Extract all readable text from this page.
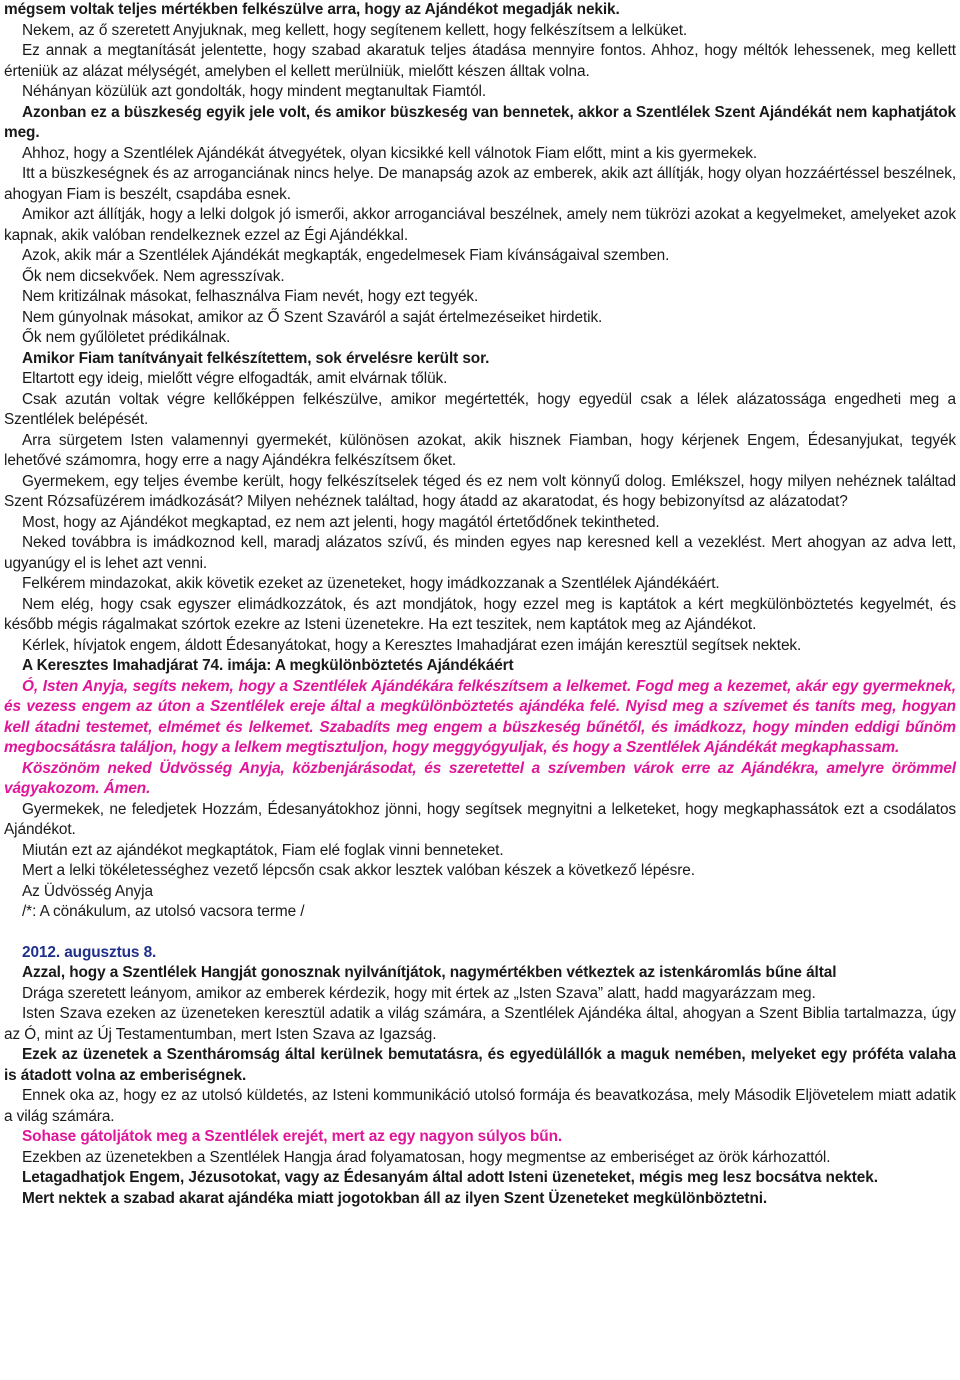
mégsem voltak teljes mértékben felkészülve arra, hogy az Ajándékot megadják nekik.

Nekem, az ő szeretett Anyjuknak, meg kellett, hogy segítenem kellett, hogy felkészítsem a lelküket.

Ez annak a megtanítását jelentette, hogy szabad akaratuk teljes átadása mennyire fontos. Ahhoz, hogy méltók lehessenek, meg kellett érteniük az alázat mélységét, amelyben el kellett merülniük, mielőtt készen álltak volna.

Néhányan közülük azt gondolták, hogy mindent megtanultak Fiamtól.

Azonban ez a büszkeség egyik jele volt, és amikor büszkeség van bennetek, akkor a Szentlélek Szent Ajándékát nem kaphatjátok meg.

Ahhoz, hogy a Szentlélek Ajándékát átvegyétek, olyan kicsikké kell válnotok Fiam előtt, mint a kis gyermekek.

Itt a büszkeségnek és az arroganciának nincs helye. De manapság azok az emberek, akik azt állítják, hogy olyan hozzáértéssel beszélnek, ahogyan Fiam is beszélt, csapdába esnek.

Amikor azt állítják, hogy a lelki dolgok jó ismerői, akkor arroganciával beszélnek, amely nem tükrözi azokat a kegyelmeket, amelyeket azok kapnak, akik valóban rendelkeznek ezzel az Égi Ajándékkal.

Azok, akik már a Szentlélek Ajándékát megkapták, engedelmesek Fiam kívánságaival szemben.

Ők nem dicsekvőek. Nem agresszívak.

Nem kritizálnak másokat, felhasználva Fiam nevét, hogy ezt tegyék.

Nem gúnyolnak másokat, amikor az Ő Szent Szaváról a saját értelmezéseiket hirdetik.

Ők nem gyűlöletet prédikálnak.

Amikor Fiam tanítványait felkészítettem, sok érvelésre került sor.

Eltartott egy ideig, mielőtt végre elfogadták, amit elvárnak tőlük.

Csak azután voltak végre kellőképpen felkészülve, amikor megértették, hogy egyedül csak a lélek alázatossága engedheti meg a Szentlélek belépését.

Arra sürgetem Isten valamennyi gyermekét, különösen azokat, akik hisznek Fiamban, hogy kérjenek Engem, Édesanyjukat, tegyék lehetővé számomra, hogy erre a nagy Ajándékra felkészítsem őket.

Gyermekem, egy teljes évembe került, hogy felkészítselek téged és ez nem volt könnyű dolog. Emlékszel, hogy milyen nehéznek találtad Szent Rózsafüzérem imádkozását? Milyen nehéznek találtad, hogy átadd az akaratodat, és hogy bebizonyítsd az alázatodat?

Most, hogy az Ajándékot megkaptad, ez nem azt jelenti, hogy magától értetődőnek tekintheted.

Neked továbbra is imádkoznod kell, maradj alázatos szívű, és minden egyes nap keresned kell a vezeklést. Mert ahogyan az adva lett, ugyanúgy el is lehet azt venni.

Felkérem mindazokat, akik követik ezeket az üzeneteket, hogy imádkozzanak a Szentlélek Ajándékáért.

Nem elég, hogy csak egyszer elimádkozzátok, és azt mondjátok, hogy ezzel meg is kaptátok a kért megkülönböztetés kegyelmét, és később mégis rágalmakat szórtok ezekre az Isteni üzenetekre. Ha ezt teszitek, nem kaptátok meg az Ajándékot.

Kérlek, hívjatok engem, áldott Édesanyátokat, hogy a Keresztes Imahadjárat ezen imáján keresztül segítsek nektek.

A Keresztes Imahadjárat 74. imája: A megkülönböztetés Ajándékáért

Ó, Isten Anyja, segíts nekem, hogy a Szentlélek Ajándékára felkészítsem a lelkemet. Fogd meg a kezemet, akár egy gyermeknek, és vezess engem az úton a Szentlélek ereje által a megkülönböztetés ajándéka felé. Nyisd meg a szívemet és taníts meg, hogyan kell átadni testemet, elmémet és lelkemet. Szabadíts meg engem a büszkeség bűnétől, és imádkozz, hogy minden eddigi bűnöm megbocsátásra találjon, hogy a lelkem megtisztuljon, hogy meggyógyuljak, és hogy a Szentlélek Ajándékát megkaphassam.

Köszönöm neked Üdvösség Anyja, közbenjárásodat, és szeretettel a szívemben várok erre az Ajándékra, amelyre örömmel vágyakozom. Ámen.

Gyermekek, ne feledjetek Hozzám, Édesanyátokhoz jönni, hogy segítsek megnyitni a lelketeket, hogy megkaphassátok ezt a csodálatos Ajándékot.

Miután ezt az ajándékot megkaptátok, Fiam elé foglak vinni benneteket.

Mert a lelki tökéletességhez vezető lépcsőn csak akkor lesztek valóban készek a következő lépésre.

Az Üdvösség Anyja

/*: A cönákulum, az utolsó vacsora terme /

2012. augusztus 8.

Azzal, hogy a Szentlélek Hangját gonosznak nyilvánítjátok, nagymértékben vétkeztek az istenkáromlás bűne által

Drága szeretett leányom, amikor az emberek kérdezik, hogy mit értek az „Isten Szava” alatt, hadd magyarázzam meg.

Isten Szava ezeken az üzeneteken keresztül adatik a világ számára, a Szentlélek Ajándéka által, ahogyan a Szent Biblia tartalmazza, úgy az Ó, mint az Új Testamentumban, mert Isten Szava az Igazság.

Ezek az üzenetek a Szentháromság által kerülnek bemutatásra, és egyedülállók a maguk nemében, melyeket egy próféta valaha is átadott volna az emberiségnek.

Ennek oka az, hogy ez az utolsó küldetés, az Isteni kommunikáció utolsó formája és beavatkozása, mely Második Eljövetelem miatt adatik a világ számára.

Sohase gátoljátok meg a Szentlélek erejét, mert az egy nagyon súlyos bűn.

Ezekben az üzenetekben a Szentlélek Hangja árad folyamatosan, hogy megmentse az emberiséget az örök kárhozattól.

Letagadhatjok Engem, Jézusotokat, vagy az Édesanyám által adott Isteni üzeneteket, mégis meg lesz bocsátva nektek.

Mert nektek a szabad akarat ajándéka miatt jogotokban áll az ilyen Szent Üzeneteket megkülönböztetni.
